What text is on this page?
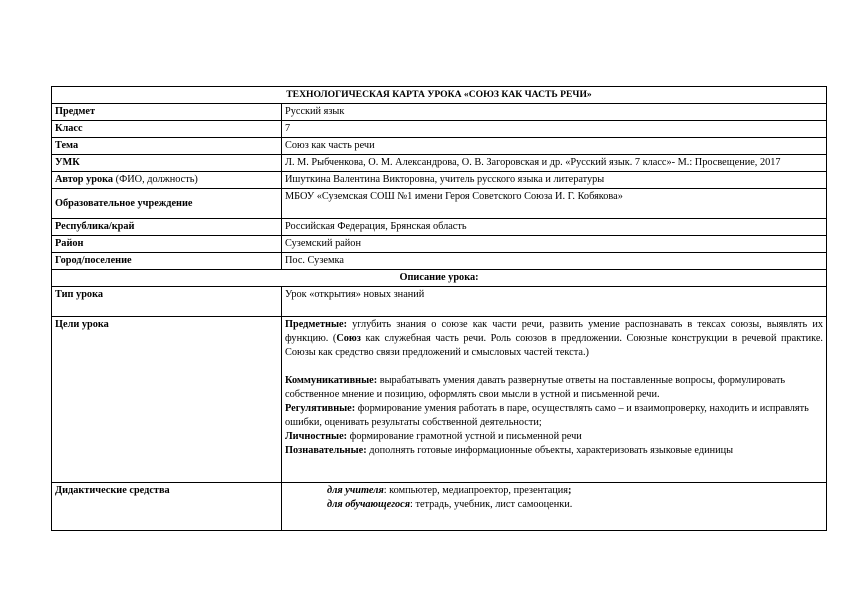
ТЕХНОЛОГИЧЕСКАЯ КАРТА УРОКА «СОЮЗ КАК ЧАСТЬ РЕЧИ»	
Предмет	Русский язык
Класс	7
Тема	Союз как часть речи
УМК	Л. М. Рыбченкова, О. М. Александрова, О. В. Загоровская и др. «Русский язык. 7 класс»- М.: Просвещение, 2017
Автор урока (ФИО, должность)	Ишуткина Валентина Викторовна, учитель русского языка и литературы
Образовательное учреждение	МБОУ «Суземская СОШ №1 имени Героя Советского Союза И. Г. Кобякова»
Республика/край	Российская Федерация, Брянская область
Район	Суземский район
Город/поселение	Пос. Суземка
Описание урока:	
Тип урока	Урок «открытия» новых знаний
Цели урока	Предметные: углубить знания о союзе как части речи, развить умение распознавать в тексах союзы, выявлять их функцию. (Союз как служебная часть речи. Роль союзов в предложении. Союзные конструкции в речевой практике. Союзы как средство связи предложений и смысловых частей текста.)

Коммуникативные: вырабатывать умения давать развернутые ответы на поставленные вопросы, формулировать собственное мнение и позицию, оформлять свои мысли в устной и письменной речи.

Регулятивные: формирование умения работать в паре, осуществлять само – и взаимопроверку, находить и исправлять ошибки, оценивать результаты собственной деятельности;

Личностные: формирование грамотной устной и письменной речи

Познавательные: дополнять готовые информационные объекты, характеризовать языковые единицы

Дидактические средства	для учителя: компьютер, медиапроектор, презентация;

для обучающегося: тетрадь, учебник, лист самооценки.
